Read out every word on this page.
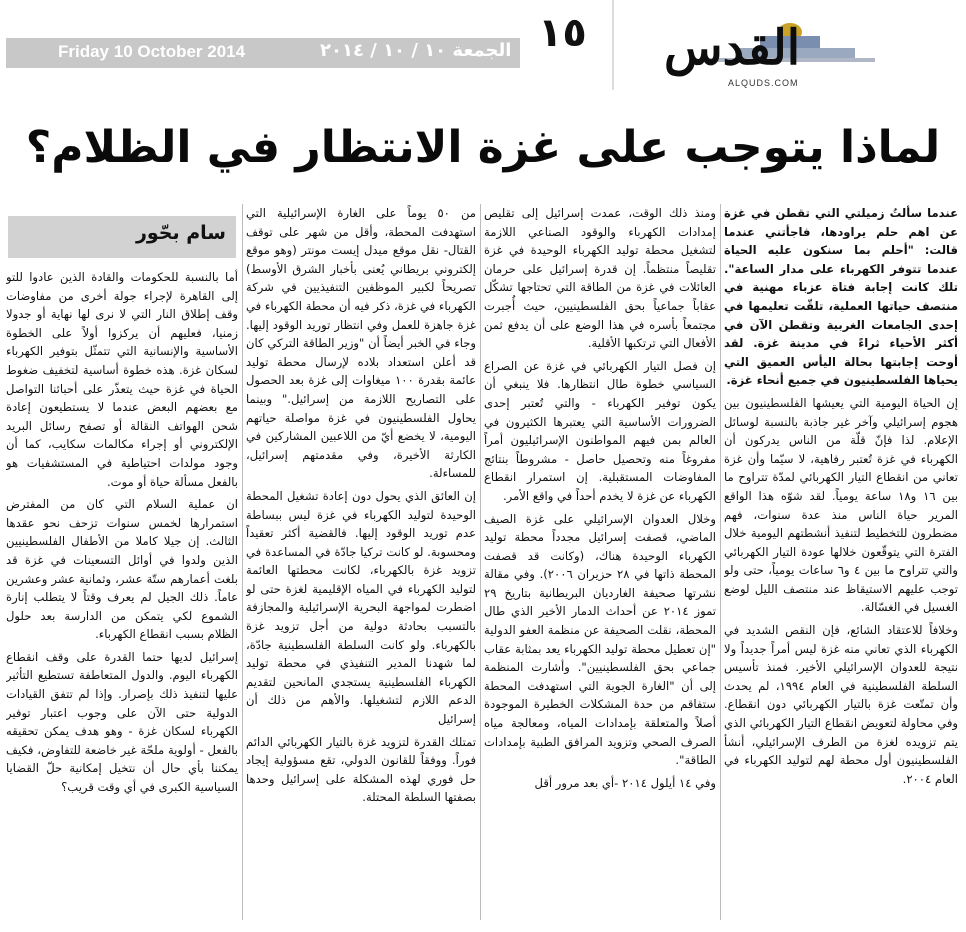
Friday 10 October 2014	الجمعة ١٠ / ١٠ / ٢٠١٤ ١٥ القدس
ALQUDS.COM
لماذا يتوجب على غزة الانتظار في الظلام؟
سام بحّور

عندما سألتُ زميلتي التي تقطن في غزة عن اهم حلم يراودها، فاجأتني عندما قالت: "أحلم بما سنكون عليه الحياة عندما تتوفر الكهرباء على مدار الساعة". تلك كانت إجابة فتاة عزباء مهنية في منتصف حياتها العملية، تلقّت تعليمها في إحدى الجامعات الغربية وتقطن الآن في أكثر الأحياء ثراءً في مدينة غزة. لقد أوحت إجابتها بحالة اليأس العميق التي يحياها الفلسطينيون في جميع أنحاء غزة.

إن الحياة اليومية التي يعيشها الفلسطينيون بين هجوم إسرائيلي وآخر غير جاذبة بالنسبة لوسائل الإعلام. لذا فإنّ قلّة من الناس يدركون أن الكهرباء في غزة تُعتبر رفاهية، لا سيّما وأن غزة تعاني من انقطاع التيار الكهربائي لمدّة تتراوح ما بين ١٦ و١٨ ساعة يومياً. لقد شوّه هذا الواقع المرير حياة الناس منذ عدة سنوات، فهم مضطرون للتخطيط لتنفيذ أنشطتهم اليومية خلال الفترة التي يتوقّعون خلالها عودة التيار الكهربائي والتي تتراوح ما بين ٤ و٦ ساعات يومياً، حتى ولو توجب عليهم الاستيقاظ عند منتصف الليل لوضع الغسيل في الغسّالة.

وخلافاً للاعتقاد الشائع، فإن النقص الشديد في الكهرباء الذي تعاني منه غزة ليس أمراً جديداً ولا نتيجة للعدوان الإسرائيلي الأخير. فمنذ تأسيس السلطة الفلسطينية في العام ١٩٩٤، لم يحدث وأن تمتّعت غزة بالتيار الكهربائي دون انقطاع. وفي محاولة لتعويض انقطاع التيار الكهربائي الذي يتم تزويده لغزة من الطرف الإسرائيلي، أنشأ الفلسطينيون أول محطة لهم لتوليد الكهرباء في العام ٢٠٠٤.

ومنذ ذلك الوقت، عمدت إسرائيل إلى تقليص إمدادات الكهرباء والوقود الصناعي اللازمة لتشغيل محطة توليد الكهرباء الوحيدة في غزة تقليصاً منتظماً. إن قدرة إسرائيل على حرمان العائلات في غزة من الطاقة التي تحتاجها تشكّل عقاباً جماعياً بحق الفلسطينيين، حيث أُجبرت مجتمعاً بأسره في هذا الوضع على أن يدفع ثمن الأفعال التي ترتكبها الأقلية.

إن فصل التيار الكهربائي في غزة عن الصراع السياسي خطوة طال انتظارها. فلا ينبغي أن يكون توفير الكهرباء - والتي تُعتبر إحدى الضرورات الأساسية التي يعتبرها الكثيرون في العالم بمن فيهم المواطنون الإسرائيليون أمراً مفروغاً منه وتحصيل حاصل - مشروطاً بنتائج المفاوضات المستقبلية. إن استمرار انقطاع الكهرباء عن غزة لا يخدم أحداً في واقع الأمر.

وخلال العدوان الإسرائيلي على غزة الصيف الماضي، قصفت إسرائيل مجدداً محطة توليد الكهرباء الوحيدة هناك، (وكانت قد قصفت المحطة ذاتها في ٢٨ حزيران ٢٠٠٦). وفي مقالة نشرتها صحيفة الغارديان البريطانية بتاريخ ٢٩ تموز ٢٠١٤ عن أحداث الدمار الأخير الذي طال المحطة، نقلت الصحيفة عن منظمة العفو الدولية "إن تعطيل محطة توليد الكهرباء يعد بمثابة عقاب جماعي بحق الفلسطينيين". وأشارت المنظمة إلى أن "الغارة الجوية التي استهدفت المحطة ستفاقم من حدة المشكلات الخطيرة الموجودة أصلاً والمتعلقة بإمدادات المياه، ومعالجة مياه الصرف الصحي وتزويد المرافق الطبية بإمدادات الطاقة".

وفي ١٤ أيلول ٢٠١٤ -أي بعد مرور أقل

من ٥٠ يوماً على الغارة الإسرائيلية التي استهدفت المحطة، وأقل من شهر على توقف القتال- نقل موقع ميدل إيست مونتر (وهو موقع إلكتروني بريطاني يُعنى بأخبار الشرق الأوسط) تصريحاً لكبير الموظفين التنفيذيين في شركة الكهرباء في غزة، ذكر فيه أن محطة الكهرباء في غزة جاهزة للعمل وفي انتظار توريد الوقود إليها. وجاء في الخبر أيضاً أن "وزير الطاقة التركي كان قد أعلن استعداد بلاده لإرسال محطة توليد عائمة بقدرة ١٠٠ ميغاوات إلى غزة بعد الحصول على التصاريح اللازمة من إسرائيل." وبينما يحاول الفلسطينيون في غزة مواصلة حياتهم اليومية، لا يخضع أيّ من اللاعبين المشاركين في الكارثة الأخيرة، وفي مقدمتهم إسرائيل، للمساءلة.

إن العائق الذي يحول دون إعادة تشغيل المحطة الوحيدة لتوليد الكهرباء في غزة ليس ببساطة عدم توريد الوقود إليها. فالقضية أكثر تعقيداً ومحسوبة. لو كانت تركيا جادّة في المساعدة في تزويد غزة بالكهرباء، لكانت محطتها العائمة لتوليد الكهرباء في المياه الإقليمية لغزة حتى لو اضطرت لمواجهة البحرية الإسرائيلية والمجازفة بالتسبب بحادثة دولية من أجل تزويد غزة بالكهرباء. ولو كانت السلطة الفلسطينية جادّة، لما شهدنا المدير التنفيذي في محطة توليد الكهرباء الفلسطينية يستجدي المانحين لتقديم الدعم اللازم لتشغيلها. والأهم من ذلك أن إسرائيل

تمتلك القدرة لتزويد غزة بالتيار الكهربائي الدائم فوراً. ووفقاً للقانون الدولي، تقع مسؤولية إيجاد حل فوري لهذه المشكلة على إسرائيل وحدها بصفتها السلطة المحتلة.

أما بالنسبة للحكومات والقادة الذين عادوا للتو إلى القاهرة لإجراء جولة أخرى من مفاوضات وقف إطلاق النار التي لا نرى لها نهاية أو جدولا زمنيا، فعليهم أن يركزوا أولاً على الخطوة الأساسية والإنسانية التي تتمثّل بتوفير الكهرباء لسكان غزة. هذه خطوة أساسية لتخفيف ضغوط الحياة في غزة حيث يتعذّر على أحبائنا التواصل مع بعضهم البعض عندما لا يستطيعون إعادة شحن الهواتف النقالة أو تصفح رسائل البريد الإلكتروني أو إجراء مكالمات سكايب، كما أن وجود مولدات احتياطية في المستشفيات هو بالفعل مسألة حياة أو موت.

ان عملية السلام التي كان من المفترض استمرارها لخمس سنوات تزحف نحو عقدها الثالث. إن جيلا كاملا من الأطفال الفلسطينيين الذين ولدوا في أوائل التسعينات في غزة قد بلغت أعمارهم ستّة عشر، وثمانية عشر وعشرين عاماً. ذلك الجيل لم يعرف وقتاً لا يتطلب إنارة الشموع لكي يتمكن من الدارسة بعد حلول الظلام بسبب انقطاع الكهرباء.

إسرائيل لديها حتما القدرة على وقف انقطاع الكهرباء اليوم. والدول المتعاطفة تستطيع التأثير عليها لتنفيذ ذلك بإصرار. وإذا لم تتفق القيادات الدولية حتى الآن على وجوب اعتبار توفير الكهرباء لسكان غزة - وهو هدف يمكن تحقيقه بالفعل - أولوية ملحّة غير خاضعة للتفاوض، فكيف يمكننا بأي حال أن نتخيل إمكانية حلّ القضايا السياسية الكبرى في أي وقت قريب؟
